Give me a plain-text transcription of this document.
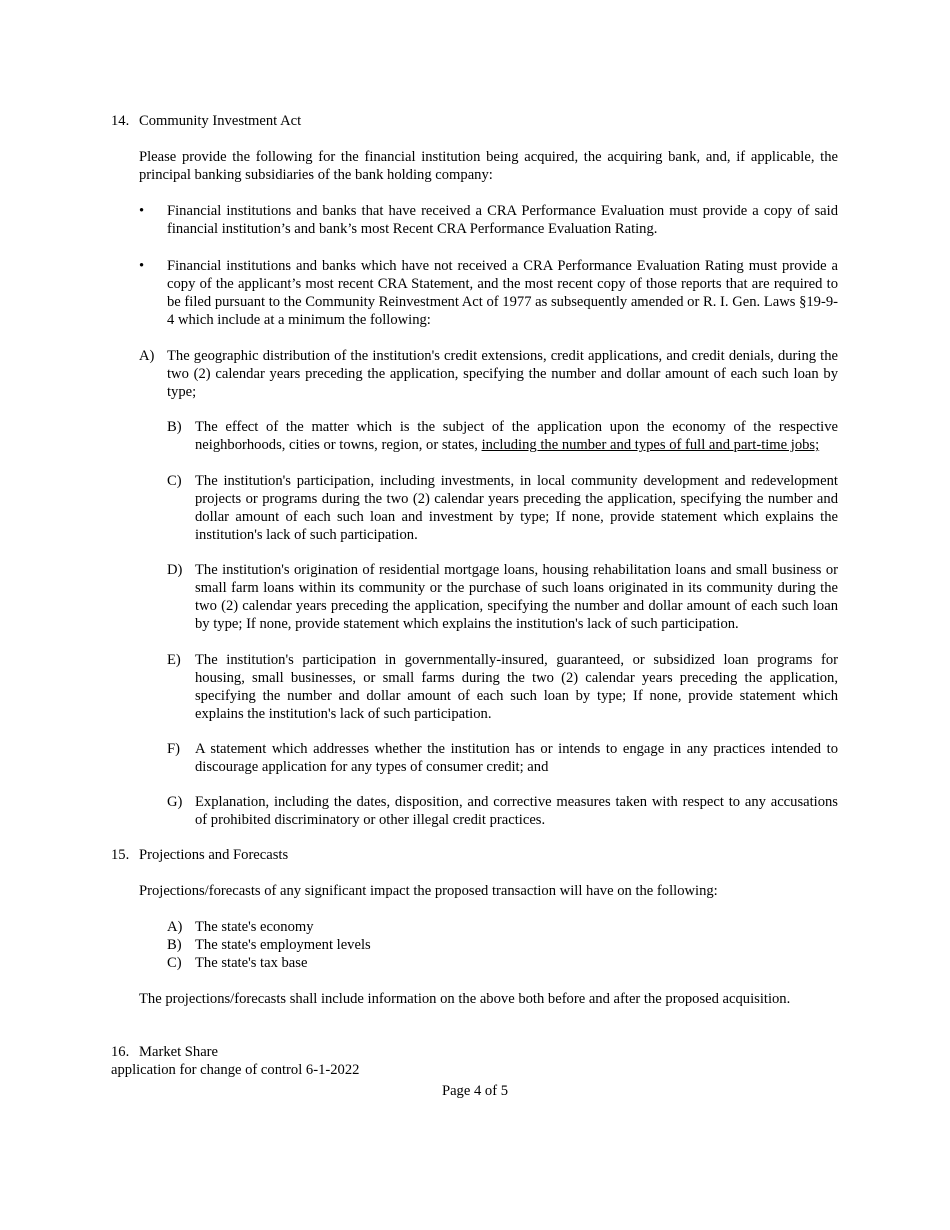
14. Community Investment Act

Please provide the following for the financial institution being acquired, the acquiring bank, and, if applicable, the principal banking subsidiaries of the bank holding company:

•	Financial institutions and banks that have received a CRA Performance Evaluation must provide a copy of said financial institution’s and bank’s most Recent CRA Performance Evaluation Rating.
•	Financial institutions and banks which have not received a CRA Performance Evaluation Rating must provide a copy of the applicant’s most recent CRA Statement, and the most recent copy of those reports that are required to be filed pursuant to the Community Reinvestment Act of 1977 as subsequently amended or R. I. Gen. Laws §19-9-4 which include at a minimum the following:
A) The geographic distribution of the institution's credit extensions, credit applications, and credit denials, during the two (2) calendar years preceding the application, specifying the number and dollar amount of each such loan by type;
B) The effect of the matter which is the subject of the application upon the economy of the respective neighborhoods, cities or towns, region, or states, including the number and types of full and part-time jobs;
C) The institution's participation, including investments, in local community development and redevelopment projects or programs during the two (2) calendar years preceding the application, specifying the number and dollar amount of each such loan and investment by type; If none, provide statement which explains the institution's lack of such participation.
D) The institution's origination of residential mortgage loans, housing rehabilitation loans and small business or small farm loans within its community or the purchase of such loans originated in its community during the two (2) calendar years preceding the application, specifying the number and dollar amount of each such loan by type; If none, provide statement which explains the institution's lack of such participation.
E) The institution's participation in governmentally-insured, guaranteed, or subsidized loan programs for housing, small businesses, or small farms during the two (2) calendar years preceding the application, specifying the number and dollar amount of each such loan by type; If none, provide statement which explains the institution's lack of such participation.
F)	A statement which addresses whether the institution has or intends to engage in any practices intended to discourage application for any types of consumer credit; and
G) Explanation, including the dates, disposition, and corrective measures taken with respect to any accusations of prohibited discriminatory or other illegal credit practices.
15. Projections and Forecasts

Projections/forecasts of any significant impact the proposed transaction will have on the following:

A) The state's economy
B) The state's employment levels
C) The state's tax base

The projections/forecasts shall include information on the above both before and after the proposed acquisition.

16. Market Share
application for change of control 6-1-2022
Page 4 of 5
